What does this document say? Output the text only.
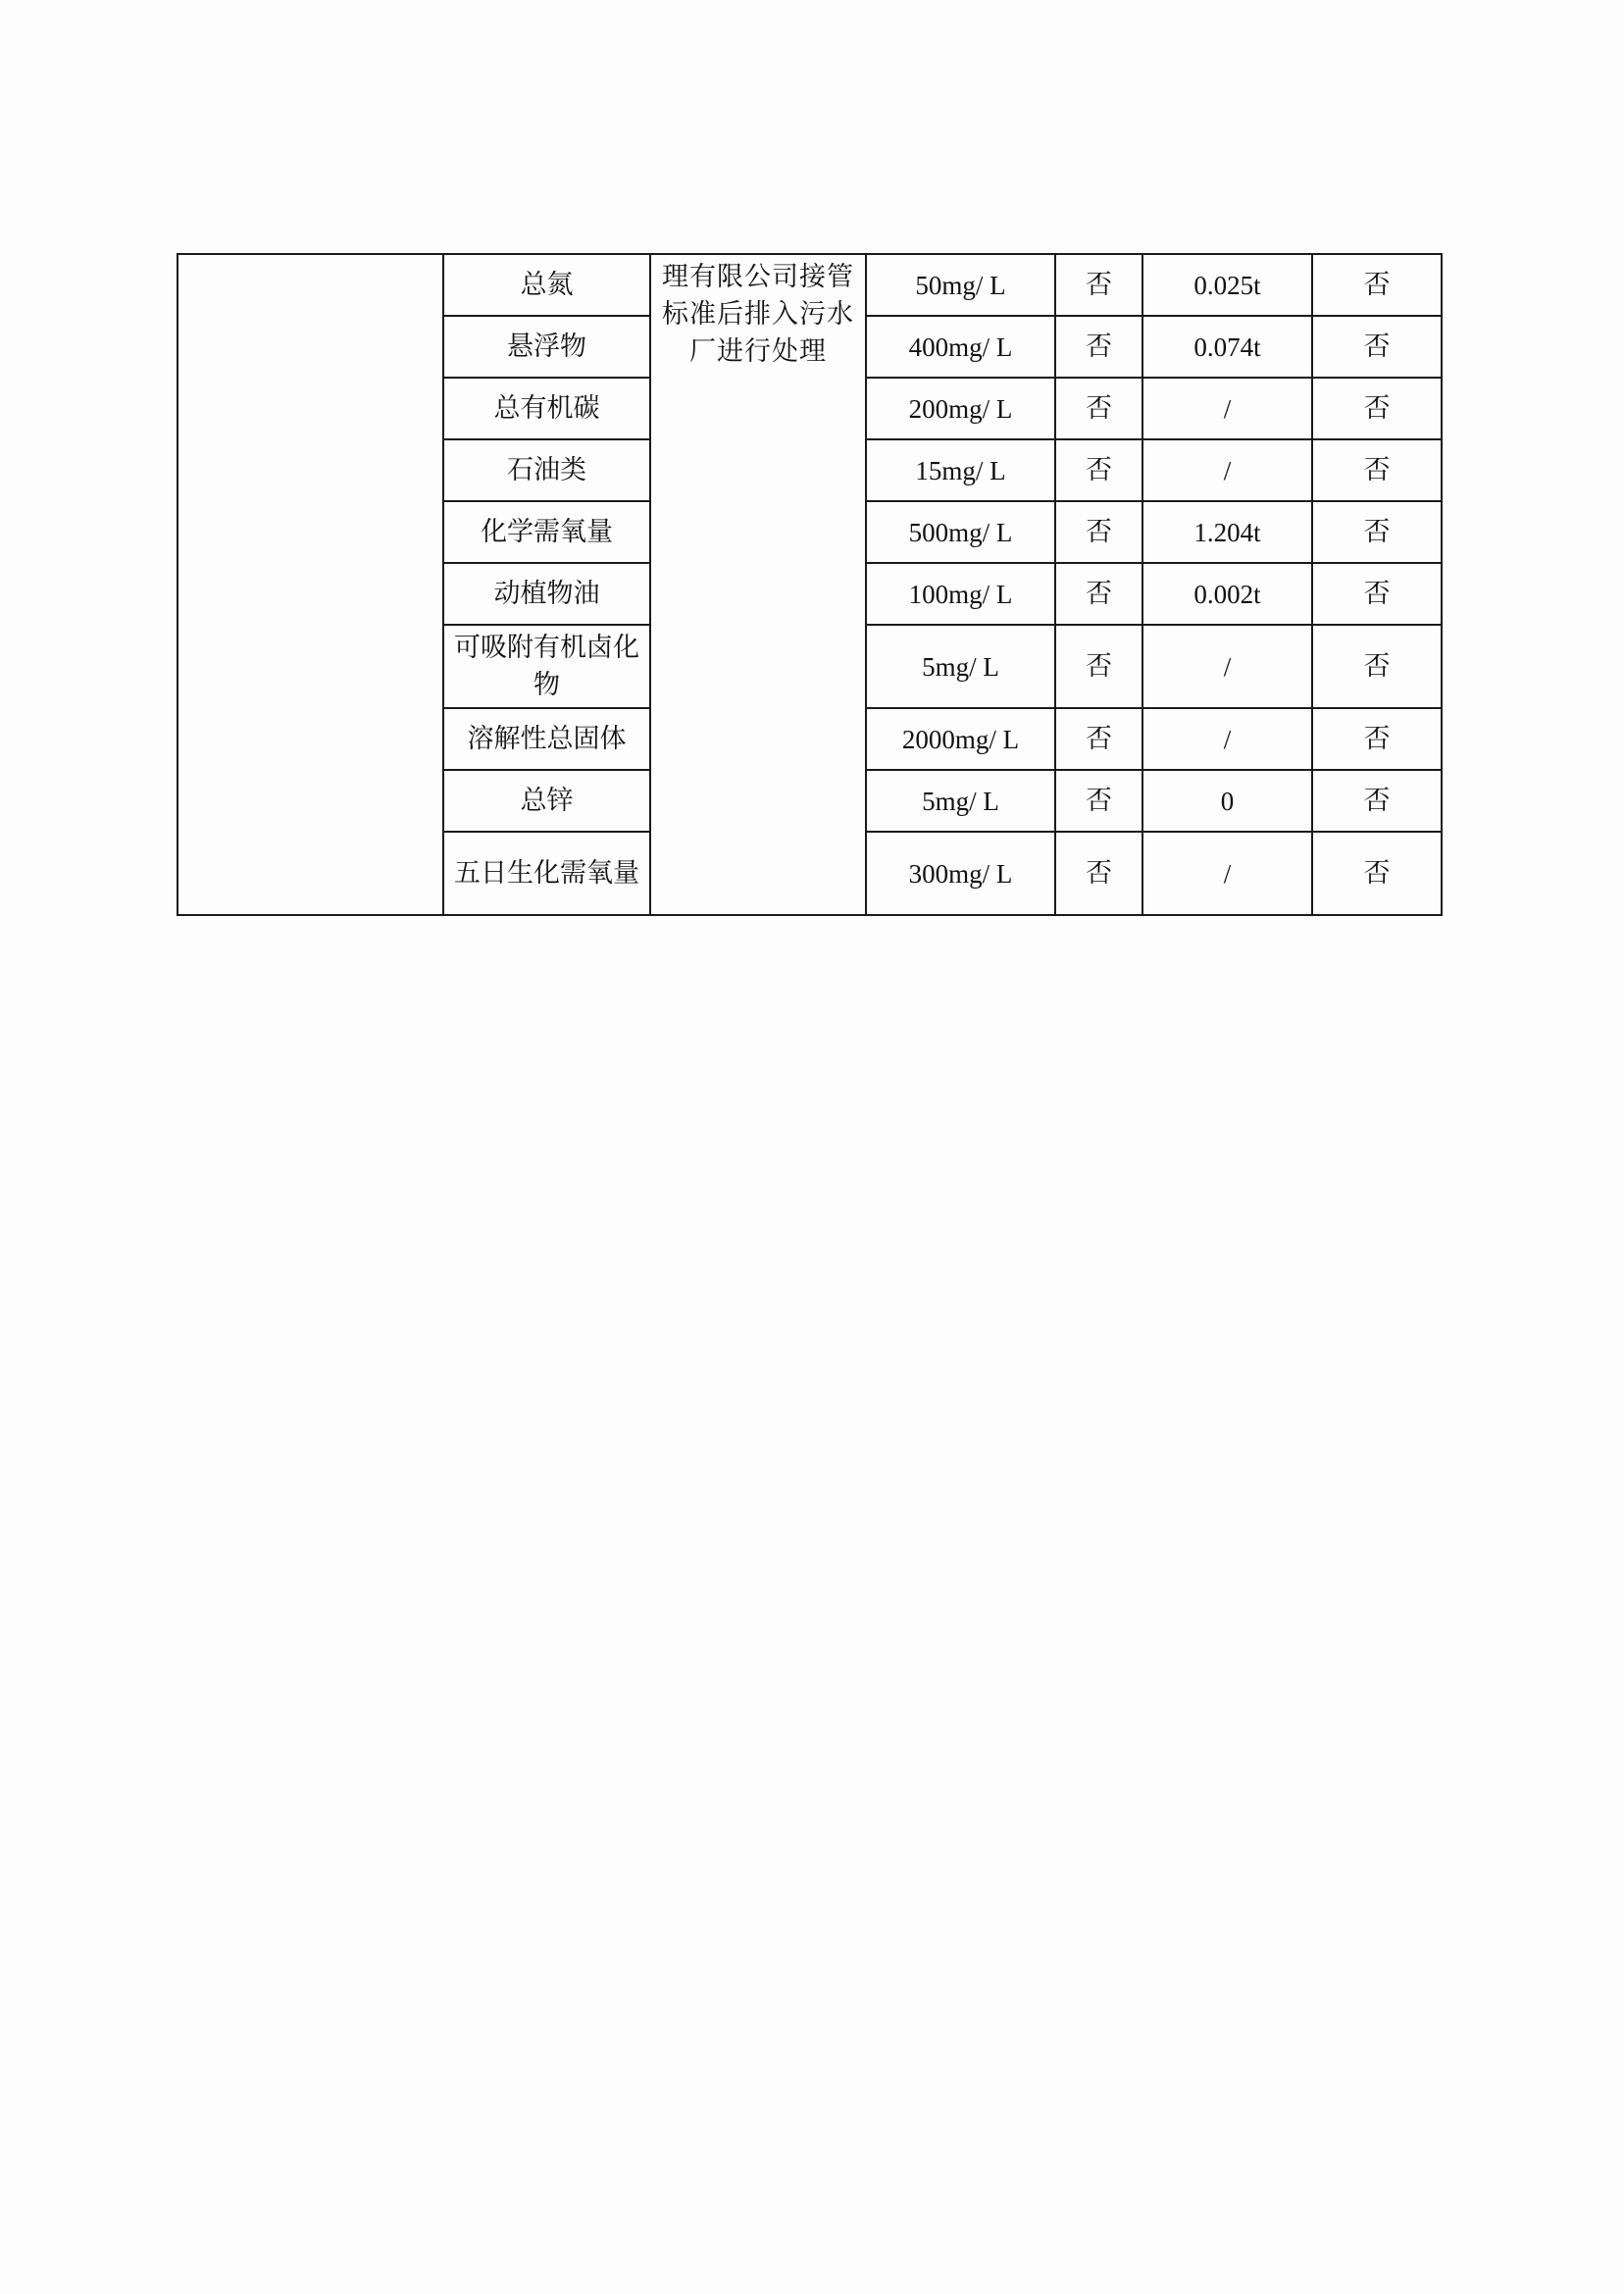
	总氮	理有限公司接管标准后排入污水厂进行处理	50mg/ L	否	0.025t	否
	悬浮物		400mg/ L	否	0.074t	否
	总有机碳		200mg/ L	否	/	否
	石油类		15mg/ L	否	/	否
	化学需氧量		500mg/ L	否	1.204t	否
	动植物油		100mg/ L	否	0.002t	否
	可吸附有机卤化物		5mg/ L	否	/	否
	溶解性总固体		2000mg/ L	否	/	否
	总锌		5mg/ L	否	0	否
	五日生化需氧量		300mg/ L	否	/	否
